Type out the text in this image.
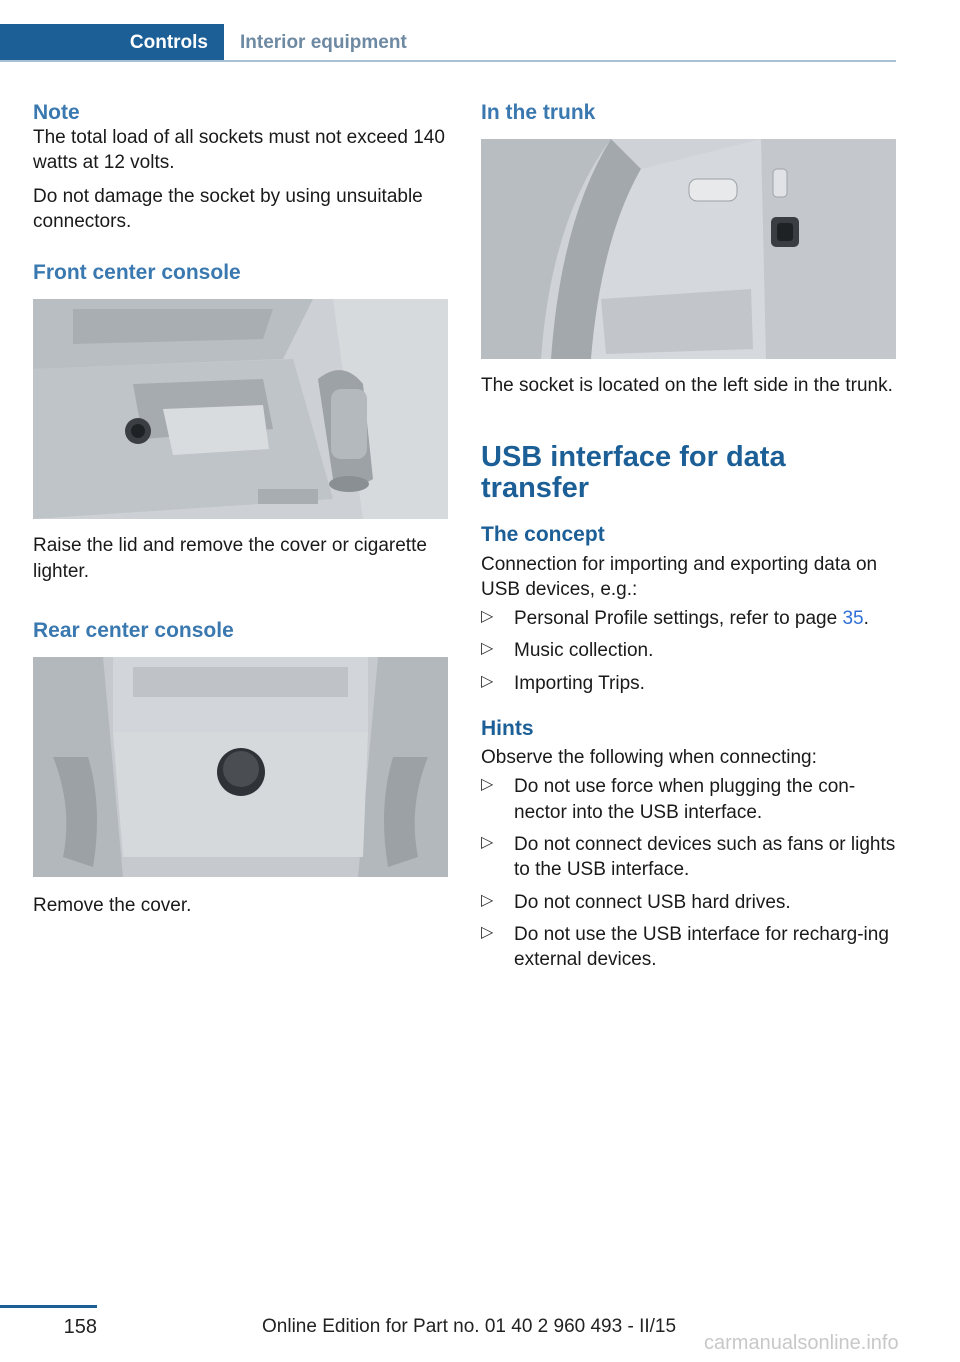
Controls	Interior equipment
Note

The total load of all sockets must not exceed 140 watts at 12 volts.

Do not damage the socket by using unsuitable connectors.

Front center console

Raise the lid and remove the cover or cigarette lighter.

Rear center console

Remove the cover.

In the trunk

The socket is located on the left side in the trunk.

USB interface for data transfer
The concept

Connection for importing and exporting data on USB devices, e.g.:

▷ Personal Profile settings, refer to page 35.
▷ Music collection.
▷ Importing Trips.
Hints

Observe the following when connecting:

▷ Do not use force when plugging the con‐nector into the USB interface.
▷ Do not connect devices such as fans or lights to the USB interface.
▷ Do not connect USB hard drives.
▷ Do not use the USB interface for recharg‐ing external devices.
158	Online Edition for Part no. 01 40 2 960 493 - II/15
carmanualsonline.info
